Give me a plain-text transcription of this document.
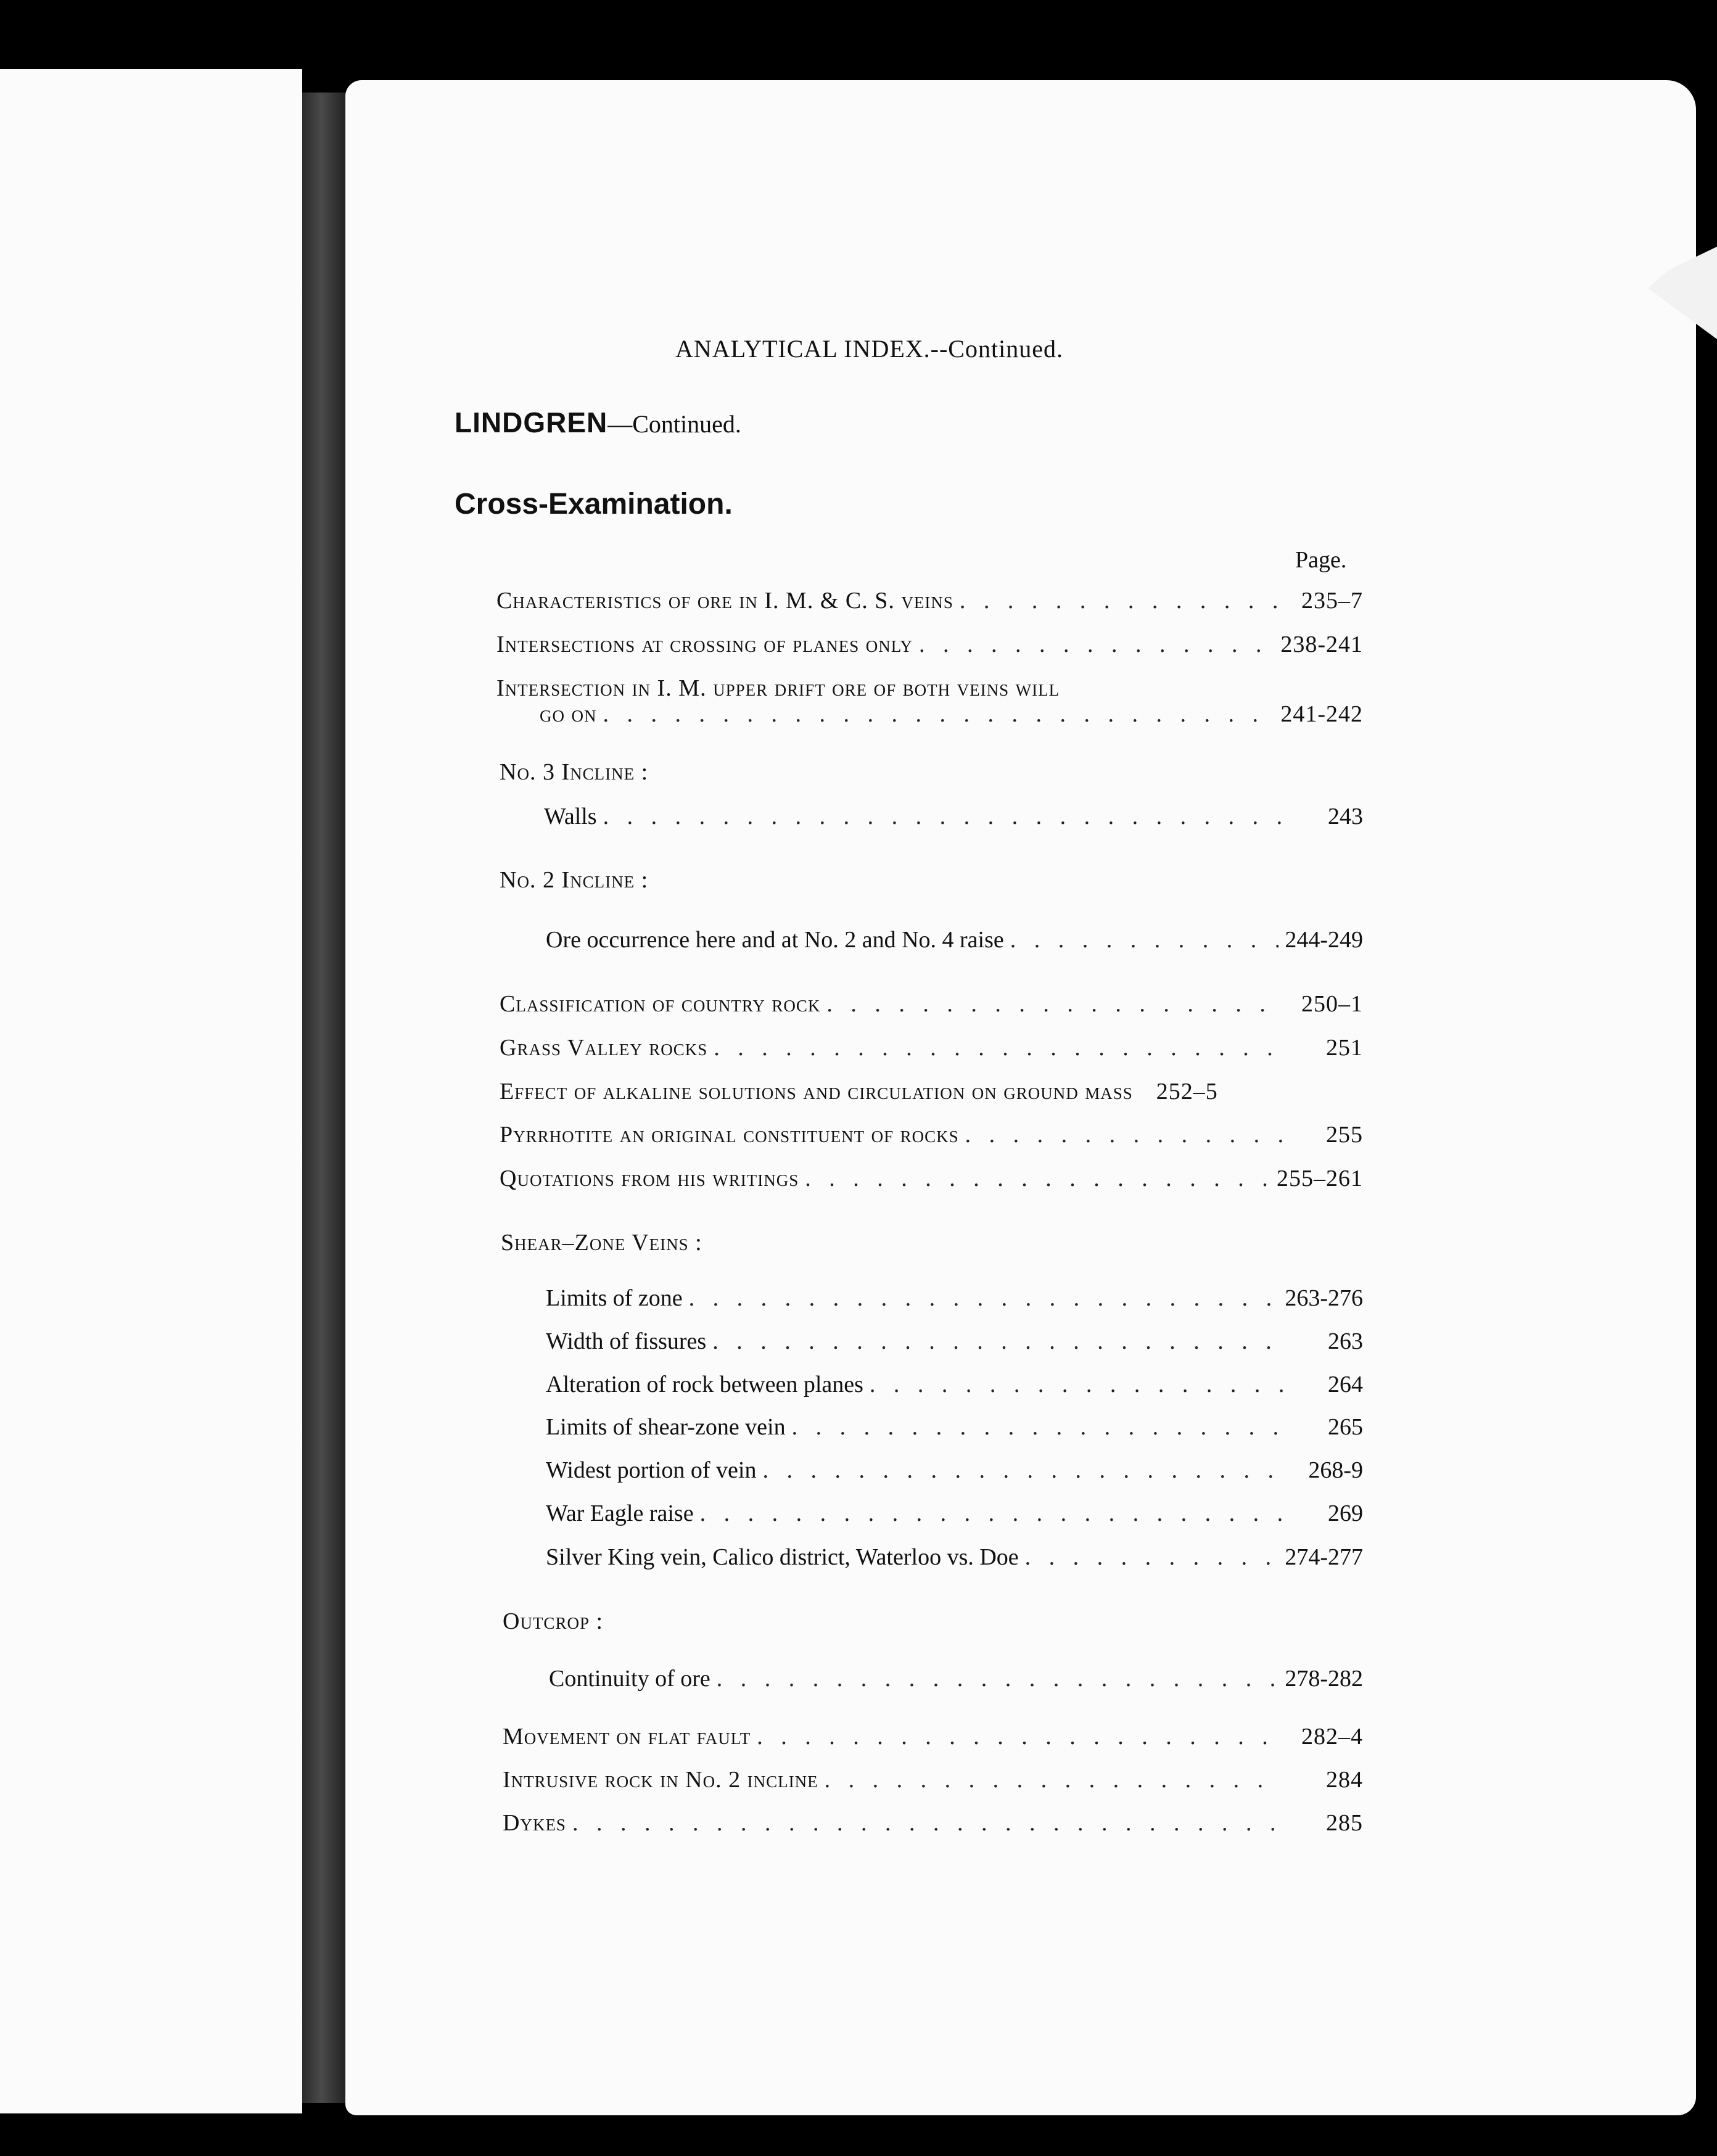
ANALYTICAL INDEX.--Continued.
LINDGREN—Continued.
Cross-Examination.
Page.
Characteristics of ore in I. M. & C. S. veins . . .	235–7
Intersections at crossing of planes only . . .	238-241
Intersection in I. M. upper drift ore of both veins will
go on . . .	241-242
No. 3 Incline :
Walls . . .	243
No. 2 Incline :
Ore occurrence here and at No. 2 and No. 4 raise . . .	244-249
Classification of country rock . . .	250–1
Grass Valley rocks . . .	251
Effect of alkaline solutions and circulation on ground mass	252–5
Pyrrhotite an original constituent of rocks . . .	255
Quotations from his writings . . .	255–261
Shear–Zone Veins :
Limits of zone . . .	263-276
Width of fissures . . .	263
Alteration of rock between planes . . .	264
Limits of shear-zone vein . . .	265
Widest portion of vein . . .	268-9
War Eagle raise . . .	269
Silver King vein, Calico district, Waterloo vs. Doe . . .	274-277
Outcrop :
Continuity of ore . . .	278-282
Movement on flat fault . . .	282–4
Intrusive rock in No. 2 incline . . .	284
Dykes . . .	285
